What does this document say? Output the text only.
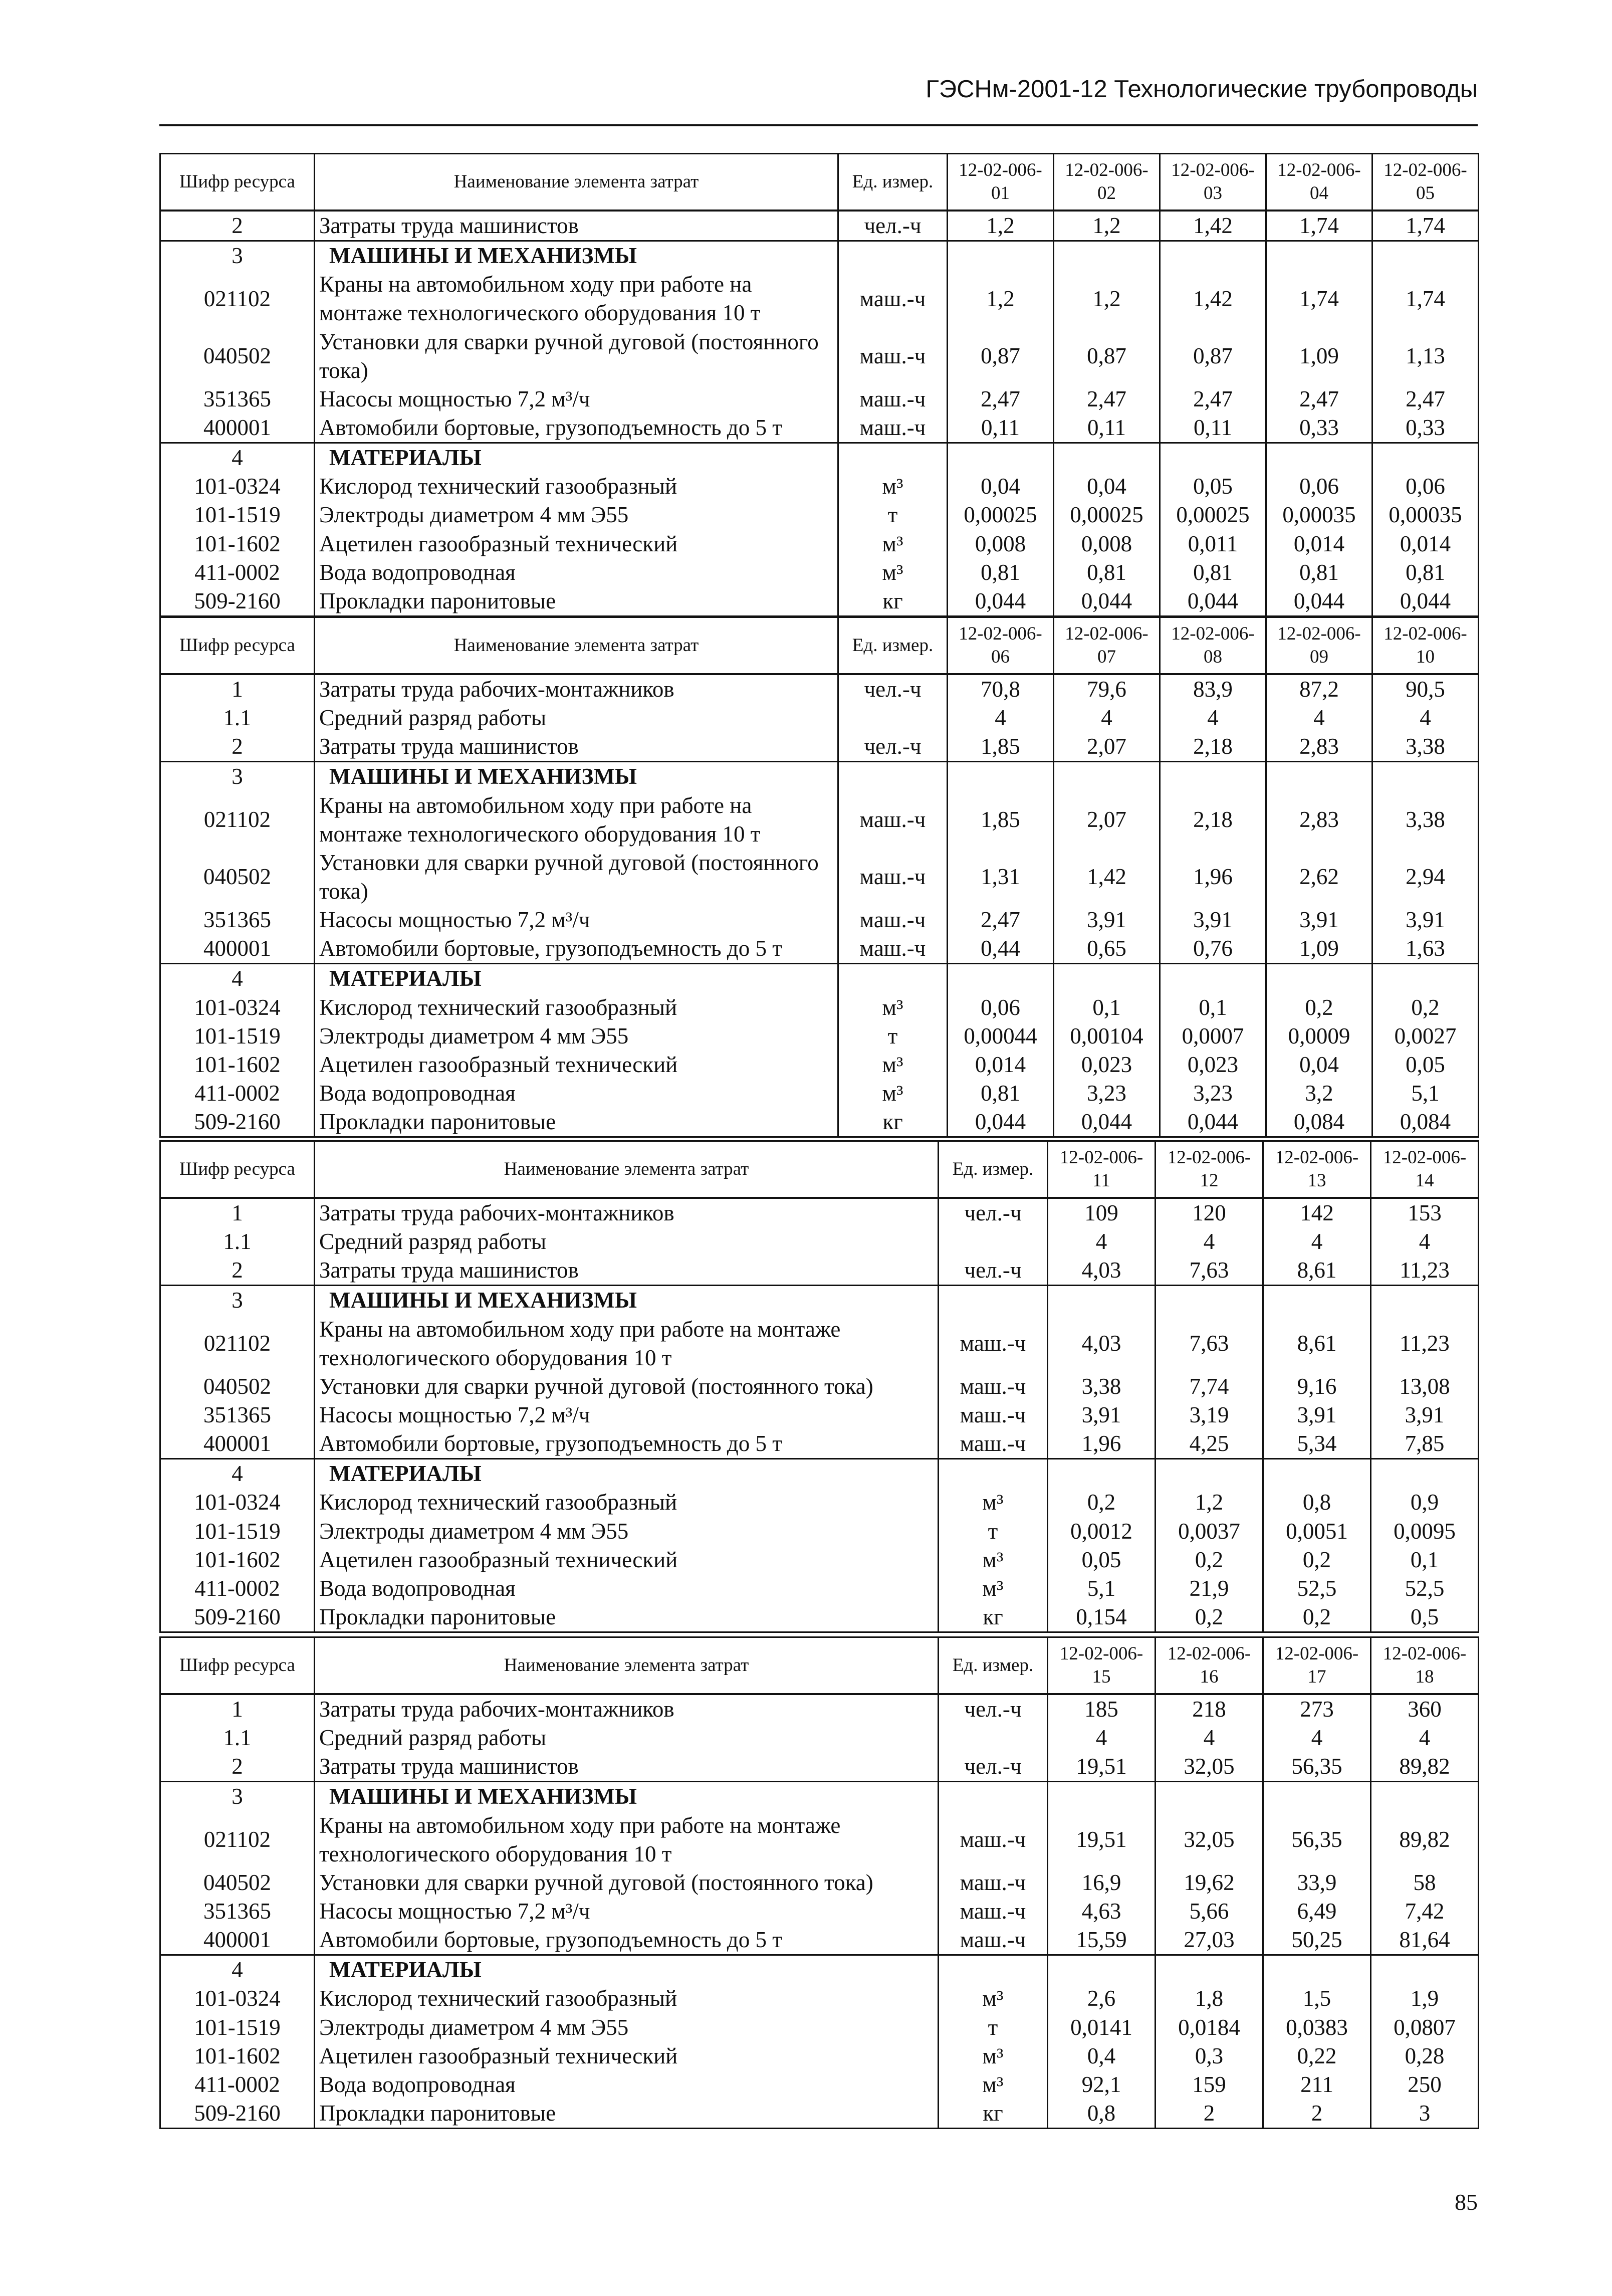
ГЭСНм-2001-12 Технологические трубопроводы
Шифр ресурса	Наименование элемента затрат	Ед. измер.	12-02-006-01	12-02-006-02	12-02-006-03	12-02-006-04	12-02-006-05
2	Затраты труда машинистов	чел.-ч	1,2	1,2	1,42	1,74	1,74
3	МАШИНЫ И МЕХАНИЗМЫ						
021102	Краны на автомобильном ходу при работе на монтаже технологического оборудования 10 т	маш.-ч	1,2	1,2	1,42	1,74	1,74
040502	Установки для сварки ручной дуговой (постоянного тока)	маш.-ч	0,87	0,87	0,87	1,09	1,13
351365	Насосы мощностью 7,2 м³/ч	маш.-ч	2,47	2,47	2,47	2,47	2,47
400001	Автомобили бортовые, грузоподъемность до 5 т	маш.-ч	0,11	0,11	0,11	0,33	0,33
4	МАТЕРИАЛЫ						
101-0324	Кислород технический газообразный	м³	0,04	0,04	0,05	0,06	0,06
101-1519	Электроды диаметром 4 мм Э55	т	0,00025	0,00025	0,00025	0,00035	0,00035
101-1602	Ацетилен газообразный технический	м³	0,008	0,008	0,011	0,014	0,014
411-0002	Вода водопроводная	м³	0,81	0,81	0,81	0,81	0,81
509-2160	Прокладки паронитовые	кг	0,044	0,044	0,044	0,044	0,044
Шифр ресурса	Наименование элемента затрат	Ед. измер.	12-02-006-06	12-02-006-07	12-02-006-08	12-02-006-09	12-02-006-10
1	Затраты труда рабочих-монтажников	чел.-ч	70,8	79,6	83,9	87,2	90,5
1.1	Средний разряд работы		4	4	4	4	4
2	Затраты труда машинистов	чел.-ч	1,85	2,07	2,18	2,83	3,38
3	МАШИНЫ И МЕХАНИЗМЫ						
021102	Краны на автомобильном ходу при работе на монтаже технологического оборудования 10 т	маш.-ч	1,85	2,07	2,18	2,83	3,38
040502	Установки для сварки ручной дуговой (постоянного тока)	маш.-ч	1,31	1,42	1,96	2,62	2,94
351365	Насосы мощностью 7,2 м³/ч	маш.-ч	2,47	3,91	3,91	3,91	3,91
400001	Автомобили бортовые, грузоподъемность до 5 т	маш.-ч	0,44	0,65	0,76	1,09	1,63
4	МАТЕРИАЛЫ						
101-0324	Кислород технический газообразный	м³	0,06	0,1	0,1	0,2	0,2
101-1519	Электроды диаметром 4 мм Э55	т	0,00044	0,00104	0,0007	0,0009	0,0027
101-1602	Ацетилен газообразный технический	м³	0,014	0,023	0,023	0,04	0,05
411-0002	Вода водопроводная	м³	0,81	3,23	3,23	3,2	5,1
509-2160	Прокладки паронитовые	кг	0,044	0,044	0,044	0,084	0,084
Шифр ресурса	Наименование элемента затрат	Ед. измер.	12-02-006-11	12-02-006-12	12-02-006-13	12-02-006-14
1	Затраты труда рабочих-монтажников	чел.-ч	109	120	142	153
1.1	Средний разряд работы		4	4	4	4
2	Затраты труда машинистов	чел.-ч	4,03	7,63	8,61	11,23
3	МАШИНЫ И МЕХАНИЗМЫ					
021102	Краны на автомобильном ходу при работе на монтаже технологического оборудования 10 т	маш.-ч	4,03	7,63	8,61	11,23
040502	Установки для сварки ручной дуговой (постоянного тока)	маш.-ч	3,38	7,74	9,16	13,08
351365	Насосы мощностью 7,2 м³/ч	маш.-ч	3,91	3,19	3,91	3,91
400001	Автомобили бортовые, грузоподъемность до 5 т	маш.-ч	1,96	4,25	5,34	7,85
4	МАТЕРИАЛЫ					
101-0324	Кислород технический газообразный	м³	0,2	1,2	0,8	0,9
101-1519	Электроды диаметром 4 мм Э55	т	0,0012	0,0037	0,0051	0,0095
101-1602	Ацетилен газообразный технический	м³	0,05	0,2	0,2	0,1
411-0002	Вода водопроводная	м³	5,1	21,9	52,5	52,5
509-2160	Прокладки паронитовые	кг	0,154	0,2	0,2	0,5
Шифр ресурса	Наименование элемента затрат	Ед. измер.	12-02-006-15	12-02-006-16	12-02-006-17	12-02-006-18
1	Затраты труда рабочих-монтажников	чел.-ч	185	218	273	360
1.1	Средний разряд работы		4	4	4	4
2	Затраты труда машинистов	чел.-ч	19,51	32,05	56,35	89,82
3	МАШИНЫ И МЕХАНИЗМЫ					
021102	Краны на автомобильном ходу при работе на монтаже технологического оборудования 10 т	маш.-ч	19,51	32,05	56,35	89,82
040502	Установки для сварки ручной дуговой (постоянного тока)	маш.-ч	16,9	19,62	33,9	58
351365	Насосы мощностью 7,2 м³/ч	маш.-ч	4,63	5,66	6,49	7,42
400001	Автомобили бортовые, грузоподъемность до 5 т	маш.-ч	15,59	27,03	50,25	81,64
4	МАТЕРИАЛЫ					
101-0324	Кислород технический газообразный	м³	2,6	1,8	1,5	1,9
101-1519	Электроды диаметром 4 мм Э55	т	0,0141	0,0184	0,0383	0,0807
101-1602	Ацетилен газообразный технический	м³	0,4	0,3	0,22	0,28
411-0002	Вода водопроводная	м³	92,1	159	211	250
509-2160	Прокладки паронитовые	кг	0,8	2	2	3
85
